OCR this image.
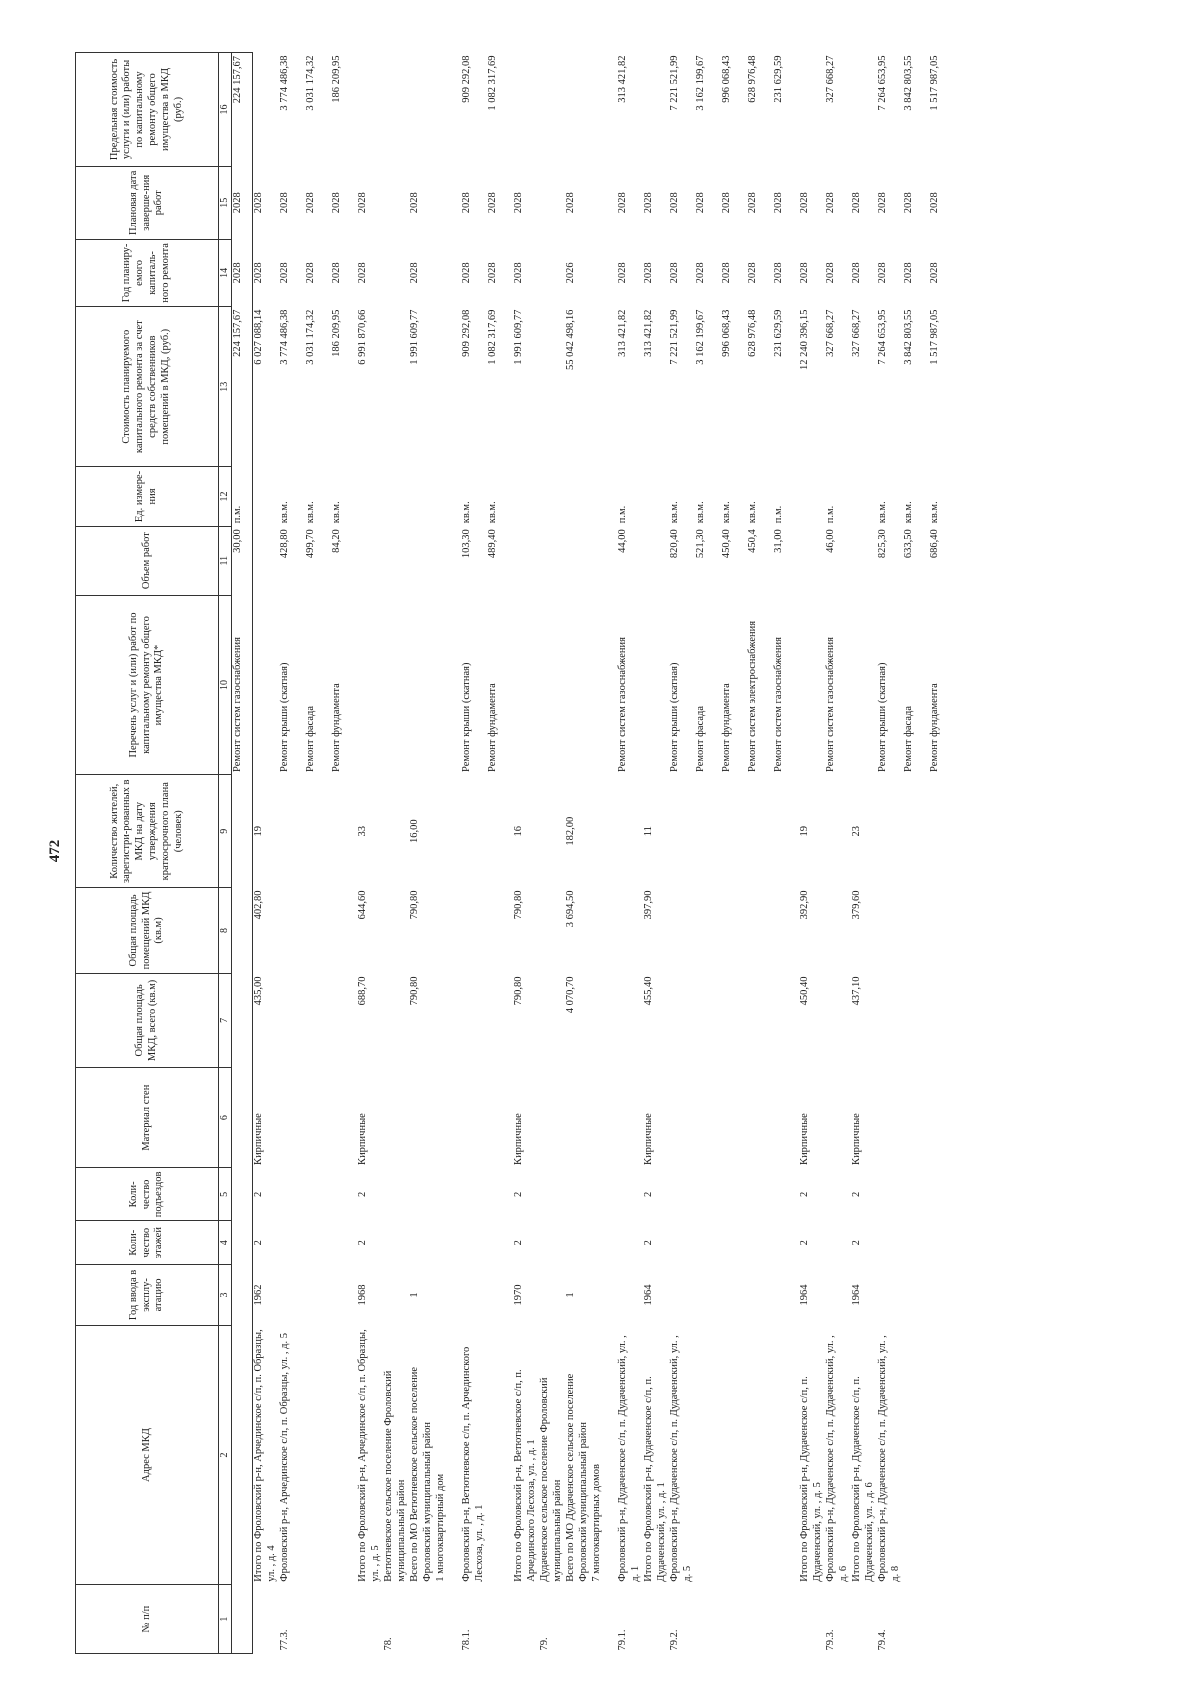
472
№ п/п	Адрес МКД	Год ввода в эксплу-атацию	Коли-чество этажей	Коли-чество подъездов	Материал стен	Общая площадь МКД, всего (кв.м)	Общая площадь помещений МКД (кв.м)	Количество жителей, зарегистри-рованных в МКД на дату утверждения краткосрочного плана (человек)	Перечень услуг и (или) работ по капитальному ремонту общего имущества МКД*	Объем работ	Ед. измере-ния	Стоимость планируемого капитального ремонта за счет средств собственников помещений в МКД, (руб.)	Год планиру-емого капиталь-ного ремонта	Плановая дата заверше-ния работ	Предельная стоимость услуги и (или) работы по капитальному ремонту общего имущества в МКД (руб.)
1	2	3	4	5	6	7	8	9	10	11	12	13	14	15	16
									Ремонт систем газоснабжения	30,00	п.м.	224 157,67	2028	2028	224 157,67
	Итого по Фроловский р-н, Арчединское с/п, п. Образцы, ул. , д. 4	1962	2	2	Кирпичные	435,00	402,80	19				6 027 088,14	2028	2028	
77.3.	Фроловский р-н, Арчединское с/п, п. Образцы, ул. , д. 5								Ремонт крыши (скатная)	428,80	кв.м.	3 774 486,38	2028	2028	3 774 486,38
									Ремонт фасада	499,70	кв.м.	3 031 174,32	2028	2028	3 031 174,32
									Ремонт фундамента	84,20	кв.м.	186 209,95	2028	2028	186 209,95
	Итого по Фроловский р-н, Арчединское с/п, п. Образцы, ул. , д. 5	1968	2	2	Кирпичные	688,70	644,60	33				6 991 870,66	2028	2028	
78.	Ветютневское сельское поселение Фроловский муниципальный район														
	Всего по МО Ветютневское сельское поселение Фроловский муниципальный район	1				790,80	790,80	16,00				1 991 609,77	2028	2028	
	1 многоквартирный дом														
78.1.	Фроловский р-н, Ветютневское с/п, п. Арчединского Лесхоза, ул. , д. 1								Ремонт крыши (скатная)	103,30	кв.м.	909 292,08	2028	2028	909 292,08
									Ремонт фундамента	489,40	кв.м.	1 082 317,69	2028	2028	1 082 317,69
	Итого по Фроловский р-н, Ветютневское с/п, п. Арчединского Лесхоза, ул. , д. 1	1970	2	2	Кирпичные	790,80	790,80	16				1 991 609,77	2028	2028	
79.	Дудаченское сельское поселение Фроловский муниципальный район														
	Всего по МО Дудаченское сельское поселение Фроловский муниципальный район	1				4 070,70	3 694,50	182,00				55 042 498,16	2026	2028	
	7 многоквартирных домов														
79.1.	Фроловский р-н, Дудаченское с/п, п. Дудаченский, ул. , д. 1								Ремонт систем газоснабжения	44,00	п.м.	313 421,82	2028	2028	313 421,82
	Итого по Фроловский р-н, Дудаченское с/п, п. Дудаченский, ул. , д. 1	1964	2	2	Кирпичные	455,40	397,90	11				313 421,82	2028	2028	
79.2.	Фроловский р-н, Дудаченское с/п, п. Дудаченский, ул. , д. 5								Ремонт крыши (скатная)	820,40	кв.м.	7 221 521,99	2028	2028	7 221 521,99
									Ремонт фасада	521,30	кв.м.	3 162 199,67	2028	2028	3 162 199,67
									Ремонт фундамента	450,40	кв.м.	996 068,43	2028	2028	996 068,43
									Ремонт систем электроснабжения	450,4	кв.м.	628 976,48	2028	2028	628 976,48
									Ремонт систем газоснабжения	31,00	п.м.	231 629,59	2028	2028	231 629,59
	Итого по Фроловский р-н, Дудаченское с/п, п. Дудаченский, ул. , д. 5	1964	2	2	Кирпичные	450,40	392,90	19				12 240 396,15	2028	2028	
79.3.	Фроловский р-н, Дудаченское с/п, п. Дудаченский, ул. , д. 6								Ремонт систем газоснабжения	46,00	п.м.	327 668,27	2028	2028	327 668,27
	Итого по Фроловский р-н, Дудаченское с/п, п. Дудаченский, ул. , д. 6	1964	2	2	Кирпичные	437,10	379,60	23				327 668,27	2028	2028	
79.4.	Фроловский р-н, Дудаченское с/п, п. Дудаченский, ул. , д. 8								Ремонт крыши (скатная)	825,30	кв.м.	7 264 653,95	2028	2028	7 264 653,95
									Ремонт фасада	633,50	кв.м.	3 842 803,55	2028	2028	3 842 803,55
									Ремонт фундамента	686,40	кв.м.	1 517 987,05	2028	2028	1 517 987,05
